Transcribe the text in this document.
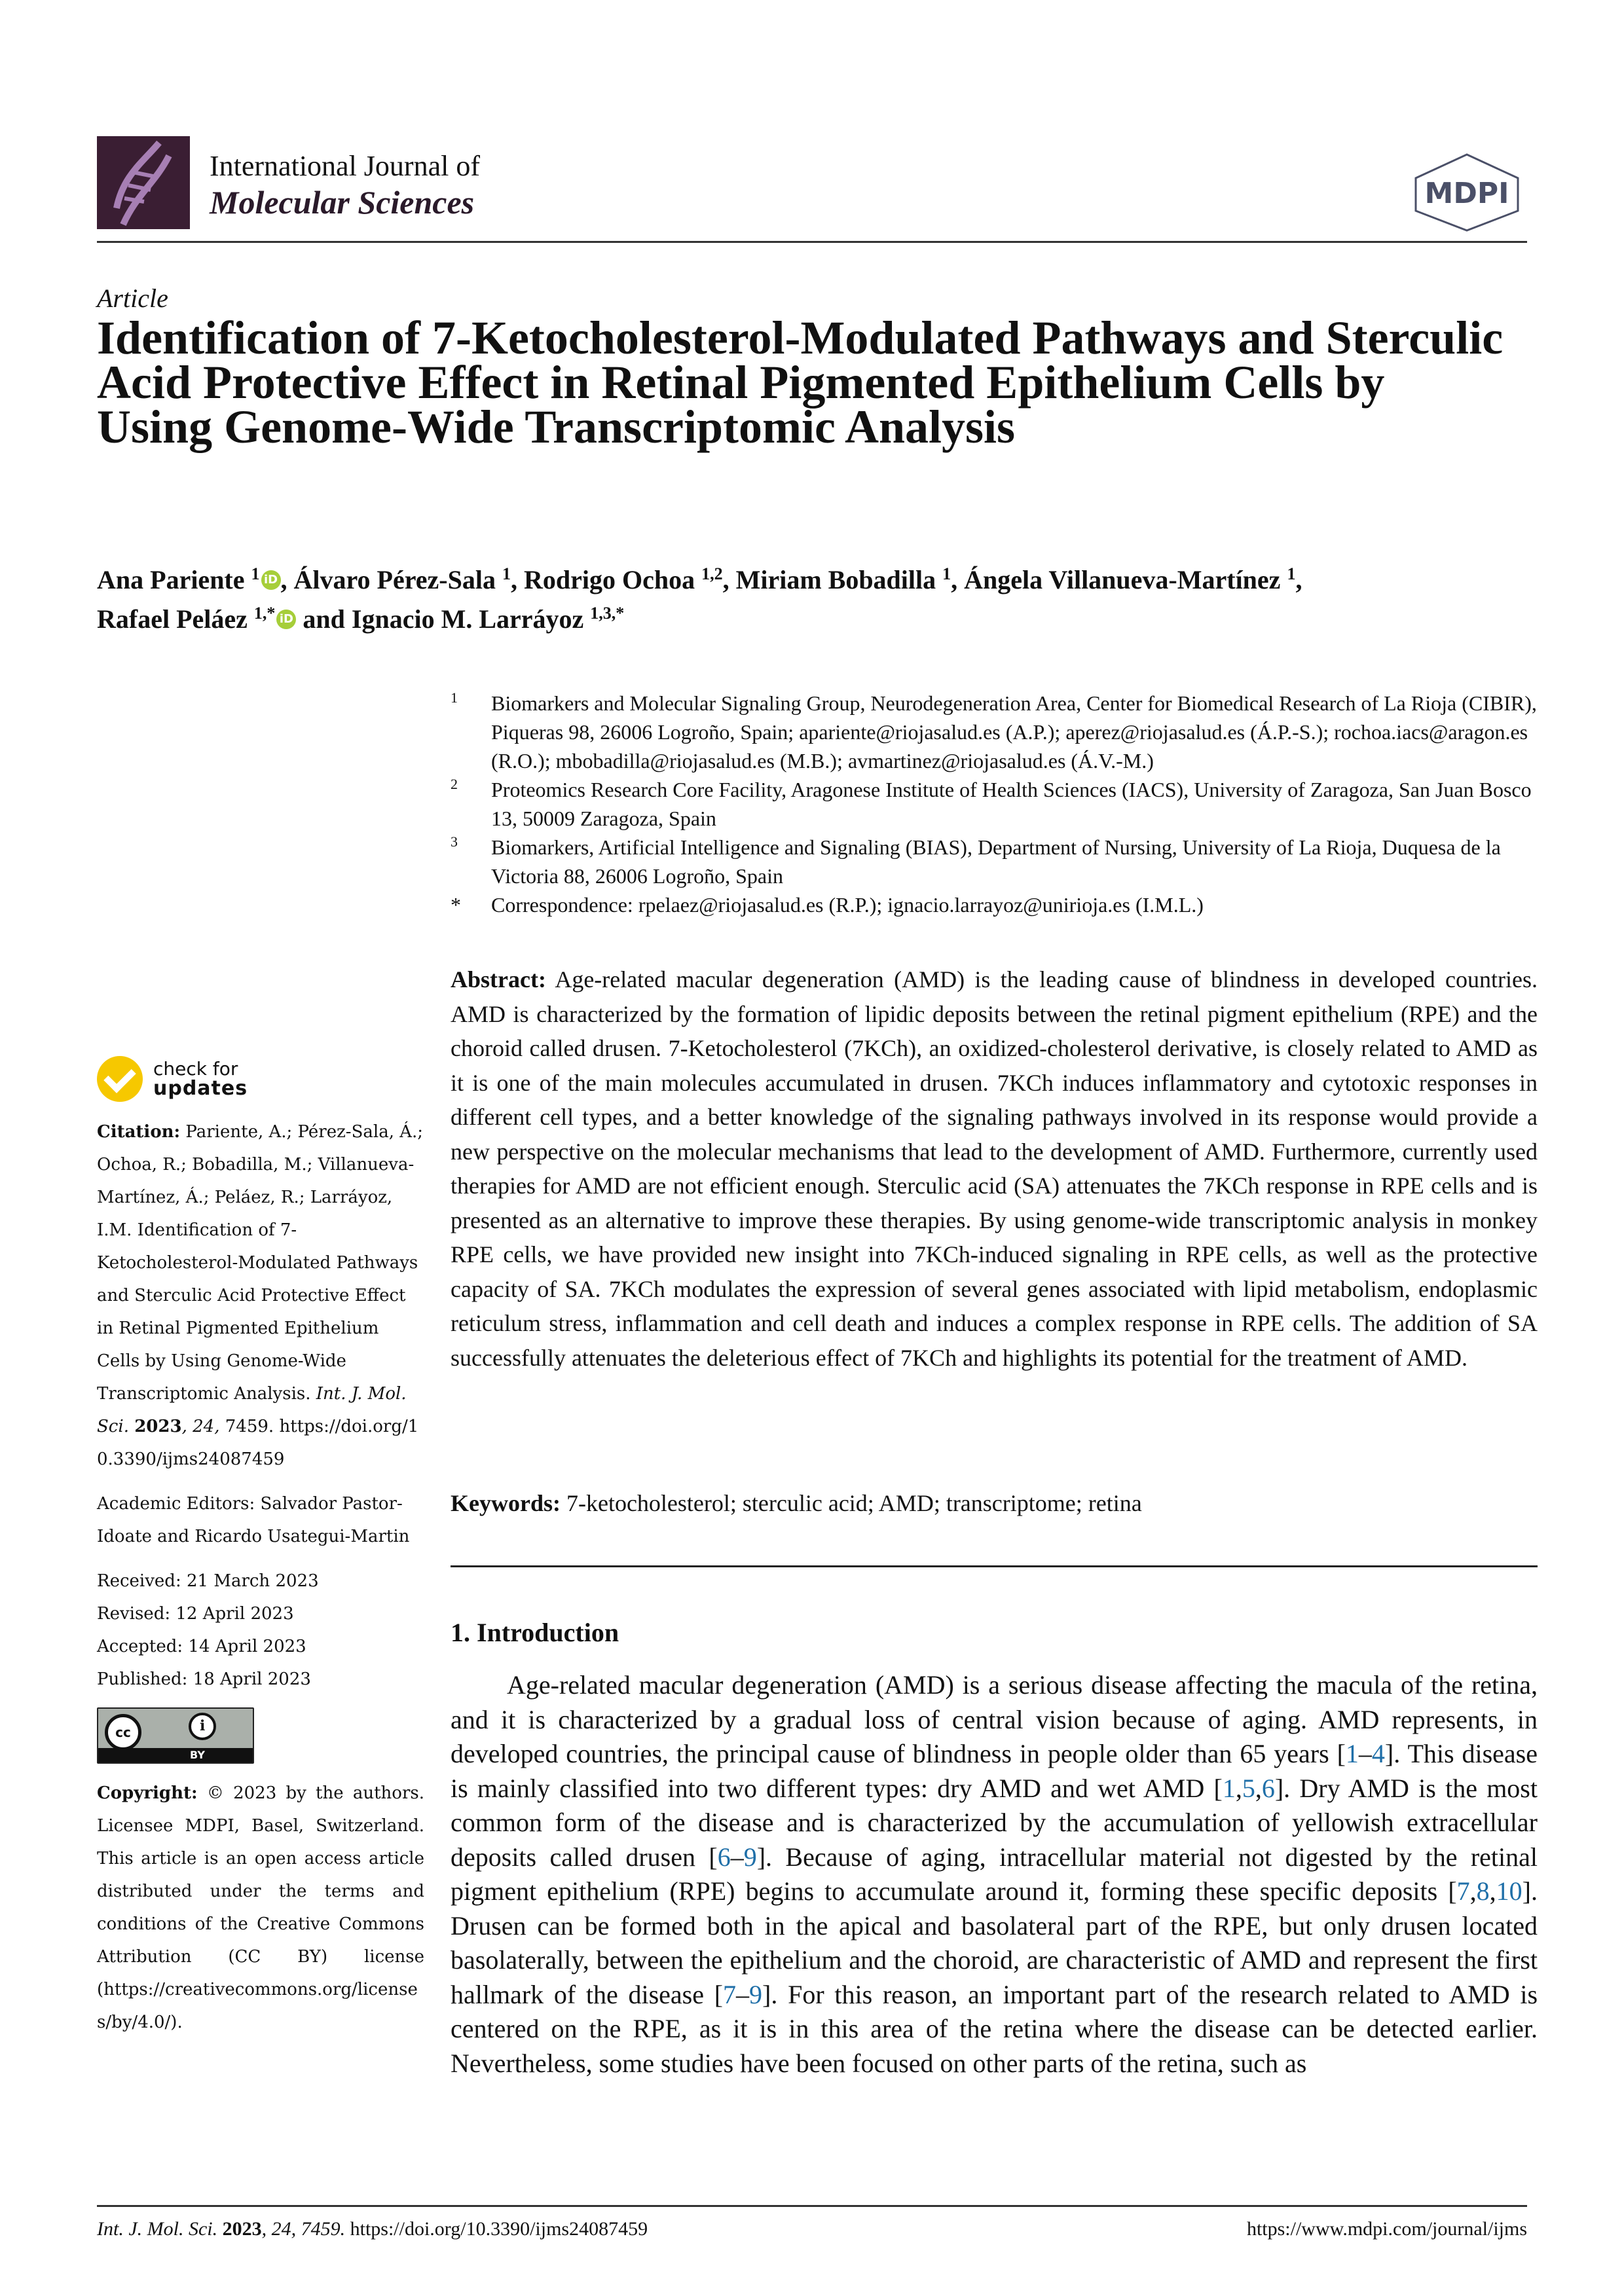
International Journal of
Molecular Sciences	MDPI
Article
Identification of 7-Ketocholesterol-Modulated Pathways and Sterculic Acid Protective Effect in Retinal Pigmented Epithelium Cells by Using Genome-Wide Transcriptomic Analysis
Ana Pariente $^1$ iD , Álvaro Pérez-Sala $^1$, Rodrigo Ochoa $^{1,2}$, Miriam Bobadilla $^1$, Ángela Villanueva-Martínez $^1$,
Rafael Peláez $^{1,*}$ iD and Ignacio M. Larráyoz $^{1,3,*}$
1 Biomarkers and Molecular Signaling Group, Neurodegeneration Area, Center for Biomedical Research of La Rioja (CIBIR), Piqueras 98, 26006 Logroño, Spain; apariente@riojasalud.es (A.P.); aperez@riojasalud.es (Á.P.-S.); rochoa.iacs@aragon.es (R.O.); mbobadilla@riojasalud.es (M.B.); avmartinez@riojasalud.es (Á.V.-M.)
2 Proteomics Research Core Facility, Aragonese Institute of Health Sciences (IACS), University of Zaragoza, San Juan Bosco 13, 50009 Zaragoza, Spain
3 Biomarkers, Artificial Intelligence and Signaling (BIAS), Department of Nursing, University of La Rioja, Duquesa de la Victoria 88, 26006 Logroño, Spain
* Correspondence: rpelaez@riojasalud.es (R.P.); ignacio.larrayoz@unirioja.es (I.M.L.)
check for
updates
Citation: Pariente, A.; Pérez-Sala, Á.; Ochoa, R.; Bobadilla, M.; Villanueva-Martínez, Á.; Peláez, R.; Larráyoz, I.M. Identification of 7-Ketocholesterol-Modulated Pathways and Sterculic Acid Protective Effect in Retinal Pigmented Epithelium Cells by Using Genome-Wide Transcriptomic Analysis. Int. J. Mol. Sci. 2023, 24, 7459. https://doi.org/10.3390/ijms24087459
Academic Editors: Salvador Pastor-Idoate and Ricardo Usategui-Martin
Received: 21 March 2023
Revised: 12 April 2023
Accepted: 14 April 2023
Published: 18 April 2023
cc	ℹ
BY
Copyright: © 2023 by the authors. Licensee MDPI, Basel, Switzerland. This article is an open access article distributed under the terms and conditions of the Creative Commons Attribution (CC BY) license (https://creativecommons.org/licenses/by/4.0/).
Abstract: Age-related macular degeneration (AMD) is the leading cause of blindness in developed countries. AMD is characterized by the formation of lipidic deposits between the retinal pigment epithelium (RPE) and the choroid called drusen. 7-Ketocholesterol (7KCh), an oxidized-cholesterol derivative, is closely related to AMD as it is one of the main molecules accumulated in drusen. 7KCh induces inflammatory and cytotoxic responses in different cell types, and a better knowledge of the signaling pathways involved in its response would provide a new perspective on the molecular mechanisms that lead to the development of AMD. Furthermore, currently used therapies for AMD are not efficient enough. Sterculic acid (SA) attenuates the 7KCh response in RPE cells and is presented as an alternative to improve these therapies. By using genome-wide transcriptomic analysis in monkey RPE cells, we have provided new insight into 7KCh-induced signaling in RPE cells, as well as the protective capacity of SA. 7KCh modulates the expression of several genes associated with lipid metabolism, endoplasmic reticulum stress, inflammation and cell death and induces a complex response in RPE cells. The addition of SA successfully attenuates the deleterious effect of 7KCh and highlights its potential for the treatment of AMD.
Keywords: 7-ketocholesterol; sterculic acid; AMD; transcriptome; retina
1. Introduction
Age-related macular degeneration (AMD) is a serious disease affecting the macula of the retina, and it is characterized by a gradual loss of central vision because of aging. AMD represents, in developed countries, the principal cause of blindness in people older than 65 years [1–4]. This disease is mainly classified into two different types: dry AMD and wet AMD [1,5,6]. Dry AMD is the most common form of the disease and is characterized by the accumulation of yellowish extracellular deposits called drusen [6–9]. Because of aging, intracellular material not digested by the retinal pigment epithelium (RPE) begins to accumulate around it, forming these specific deposits [7,8,10]. Drusen can be formed both in the apical and basolateral part of the RPE, but only drusen located basolaterally, between the epithelium and the choroid, are characteristic of AMD and represent the first hallmark of the disease [7–9]. For this reason, an important part of the research related to AMD is centered on the RPE, as it is in this area of the retina where the disease can be detected earlier. Nevertheless, some studies have been focused on other parts of the retina, such as
Int. J. Mol. Sci. 2023, 24, 7459. https://doi.org/10.3390/ijms24087459	https://www.mdpi.com/journal/ijms
